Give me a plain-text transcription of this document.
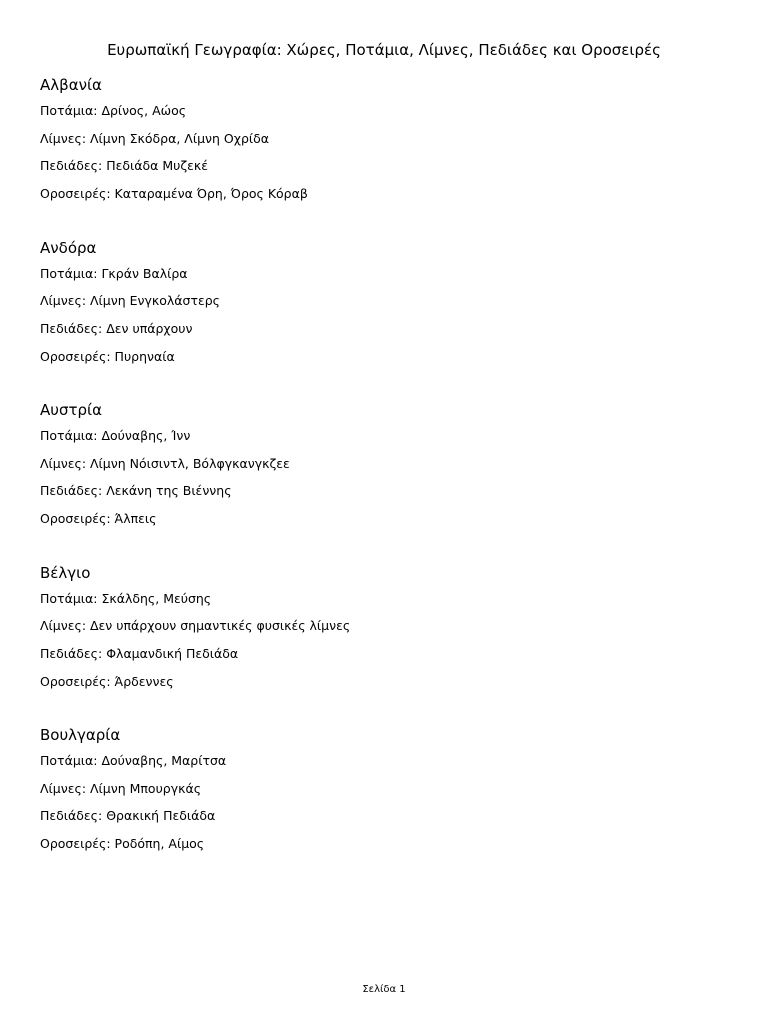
Ευρωπαϊκή Γεωγραφία: Χώρες, Ποτάμια, Λίμνες, Πεδιάδες και Οροσειρές
Αλβανία

Ποτάμια : Δρίνος, Αώος

Λίμνες : Λίμνη Σκόδρα, Λίμνη Οχρίδα

Πεδιάδες : Πεδιάδα Μυζεκέ

Οροσειρές : Καταραμένα Όρη, Όρος Κόραβ

Ανδόρα

Ποτάμια : Γκράν Βαλίρα

Λίμνες : Λίμνη Ενγκολάστερς

Πεδιάδες : Δεν υπάρχουν

Οροσειρές : Πυρηναία

Αυστρία

Ποτάμια : Δούναβης, Ίνν

Λίμνες : Λίμνη Νόισιντλ, Βόλφγκανγκζεε

Πεδιάδες : Λεκάνη της Βιέννης

Οροσειρές : Άλπεις

Βέλγιο

Ποτάμια : Σκάλδης, Μεύσης

Λίμνες : Δεν υπάρχουν σημαντικές φυσικές λίμνες

Πεδιάδες : Φλαμανδική Πεδιάδα

Οροσειρές : Άρδεννες

Βουλγαρία

Ποτάμια : Δούναβης, Μαρίτσα

Λίμνες : Λίμνη Μπουργκάς

Πεδιάδες : Θρακική Πεδιάδα

Οροσειρές : Ροδόπη, Αίμος

Σελίδα 1
